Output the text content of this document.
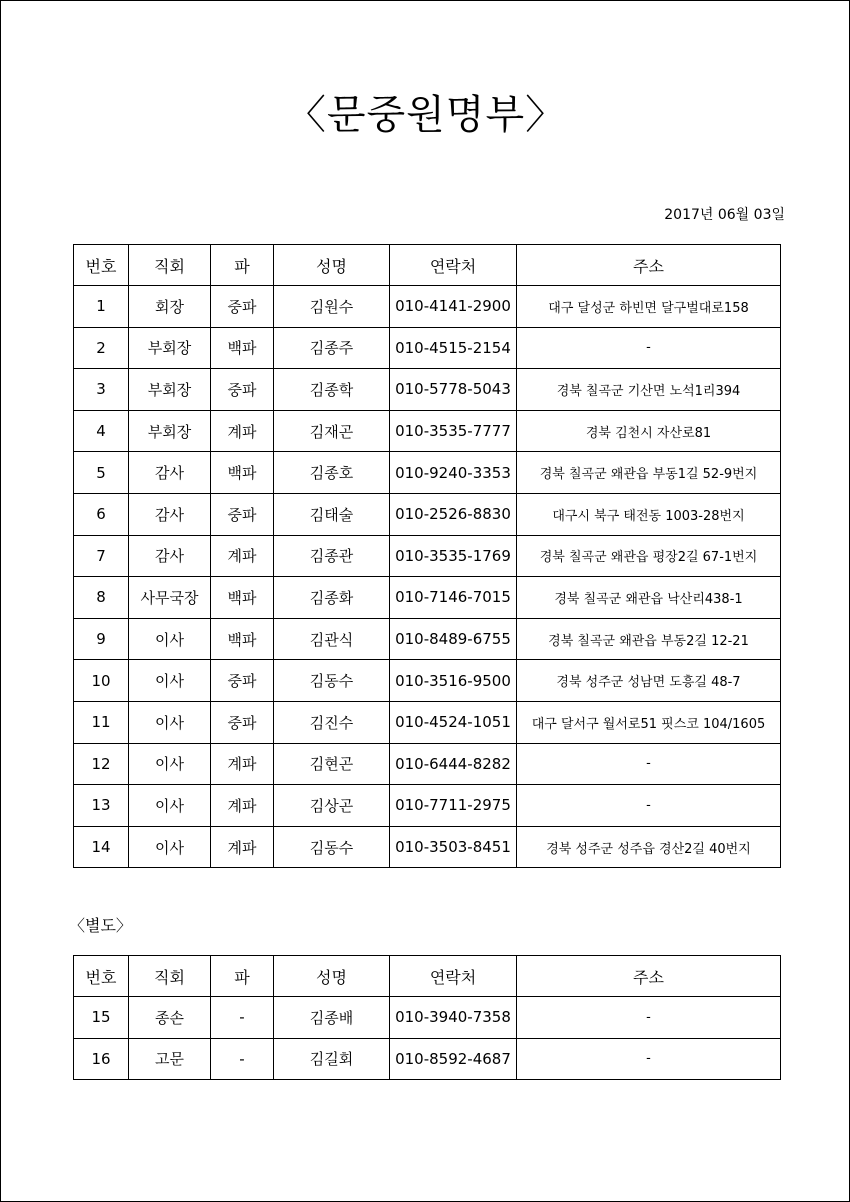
〈문중원명부〉
2017년 06월 03일
번호	직회	파	성명	연락처	주소
1	회장	중파	김원수	010-4141-2900	대구 달성군 하빈면 달구벌대로158
2	부회장	백파	김종주	010-4515-2154	-
3	부회장	중파	김종학	010-5778-5043	경북 칠곡군 기산면 노석1리394
4	부회장	계파	김재곤	010-3535-7777	경북 김천시 자산로81
5	감사	백파	김종호	010-9240-3353	경북 칠곡군 왜관읍 부동1길 52-9번지
6	감사	중파	김태술	010-2526-8830	대구시 북구 태전동 1003-28번지
7	감사	계파	김종관	010-3535-1769	경북 칠곡군 왜관읍 평장2길 67-1번지
8	사무국장	백파	김종화	010-7146-7015	경북 칠곡군 왜관읍 낙산리438-1
9	이사	백파	김관식	010-8489-6755	경북 칠곡군 왜관읍 부동2길 12-21
10	이사	중파	김동수	010-3516-9500	경북 성주군 성남면 도흥길 48-7
11	이사	중파	김진수	010-4524-1051	대구 달서구 월서로51 핏스코 104/1605
12	이사	계파	김현곤	010-6444-8282	-
13	이사	계파	김상곤	010-7711-2975	-
14	이사	계파	김동수	010-3503-8451	경북 성주군 성주읍 경산2길 40번지
〈별도〉
번호	직회	파	성명	연락처	주소
15	종손	-	김종배	010-3940-7358	-
16	고문	-	김길회	010-8592-4687	-
